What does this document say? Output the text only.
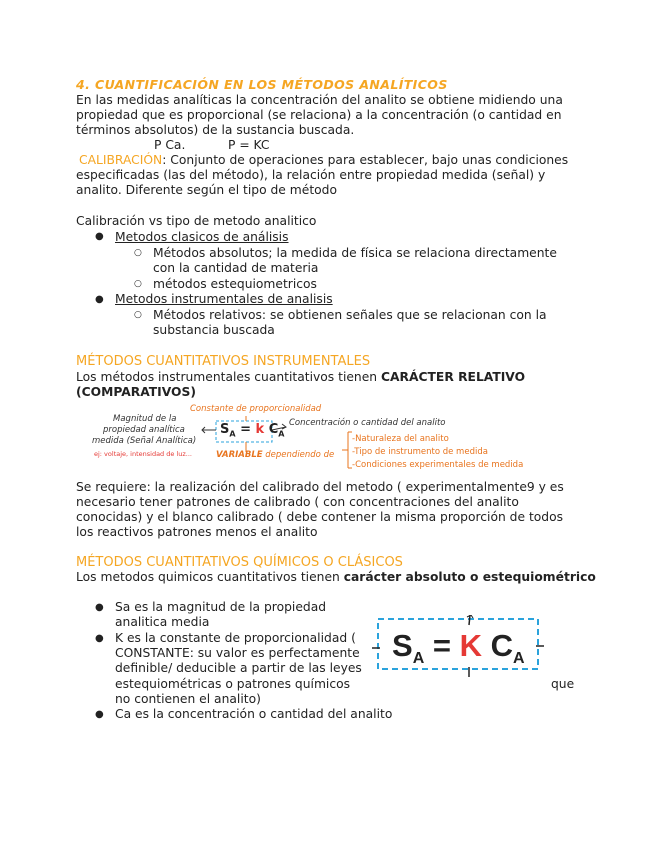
4. CUANTIFICACIÓN EN LOS MÉTODOS ANALÍTICOS
En las medidas analíticas la concentración del analito se obtiene midiendo una
propiedad que es proporcional (se relaciona) a la concentración (o cantidad en
términos absolutos) de la sustancia buscada.
P Ca.	P = KC
CALIBRACIÓN: Conjunto de operaciones para establecer, bajo unas condiciones
especificadas (las del método), la relación entre propiedad medida (señal) y
analito. Diferente según el tipo de método
Calibración vs tipo de metodo analitico
● Metodos clasicos de análisis
○ Métodos absolutos; la medida de física se relaciona directamente
con la cantidad de materia
○ métodos estequiometricos
● Metodos instrumentales de analisis
○ Métodos relativos: se obtienen señales que se relacionan con la
substancia buscada
MÉTODOS CUANTITATIVOS INSTRUMENTALES
Los métodos instrumentales cuantitativos tienen CARÁCTER RELATIVO
(COMPARATIVOS)
Magnitud de la
propiedad analítica
medida (Señal Analítica)
ej: voltaje, intensidad de luz...
Constante de proporcionalidad
$S_A = k$ $C_A$
Concentración o cantidad del analito
VARIABLE dependiendo de
-Naturaleza del analito
-Tipo de instrumento de medida
-Condiciones experimentales de medida
Se requiere: la realización del calibrado del metodo ( experimentalmente9 y es
necesario tener patrones de calibrado ( con concentraciones del analito
conocidas) y el blanco calibrado ( debe contener la misma proporción de todos
los reactivos patrones menos el analito
MÉTODOS CUANTITATIVOS QUÍMICOS O CLÁSICOS
Los metodos quimicos cuantitativos tienen carácter absoluto o estequiométrico
● Sa es la magnitud de la propiedad
analitica media
● K es la constante de proporcionalidad (
CONSTANTE: su valor es perfectamente
definible/ deducible a partir de las leyes
estequiométricas o patrones químicos	que
no contienen el analito)
● Ca es la concentración o cantidad del analito
$S_A = K$ $C_A$
